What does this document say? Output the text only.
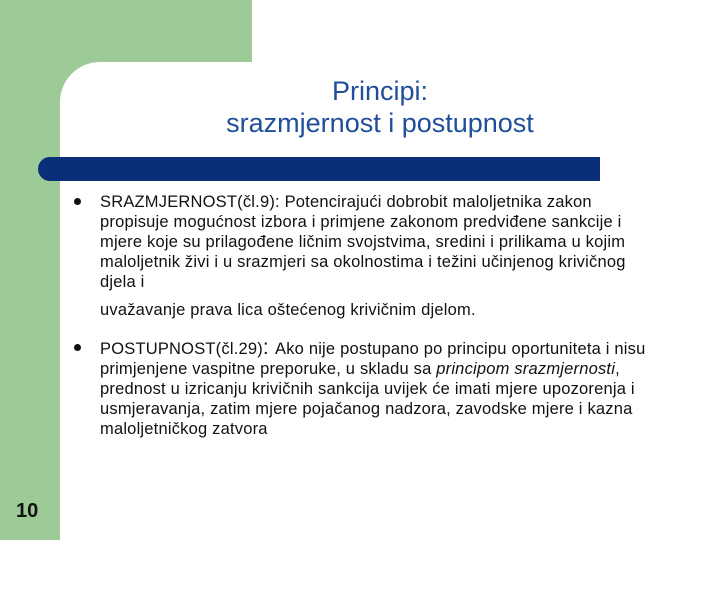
Principi:
srazmjernost i postupnost
SRAZMJERNOST(čl.9): Potencirajući dobrobit maloljetnika zakon propisuje mogućnost izbora i primjene zakonom predviđene sankcije i mjere koje su prilagođene ličnim svojstvima, sredini i prilikama u kojim maloljetnik živi i u srazmjeri sa okolnostima i težini učinjenog krivičnog djela i
uvažavanje prava lica oštećenog krivičnim djelom.
POSTUPNOST(čl.29): Ako nije postupano po principu oportuniteta i nisu primjenjene vaspitne preporuke, u skladu sa principom srazmjernosti, prednost u izricanju krivičnih sankcija uvijek će imati mjere upozorenja i usmjeravanja, zatim mjere pojačanog nadzora, zavodske mjere i kazna maloljetničkog zatvora
10
